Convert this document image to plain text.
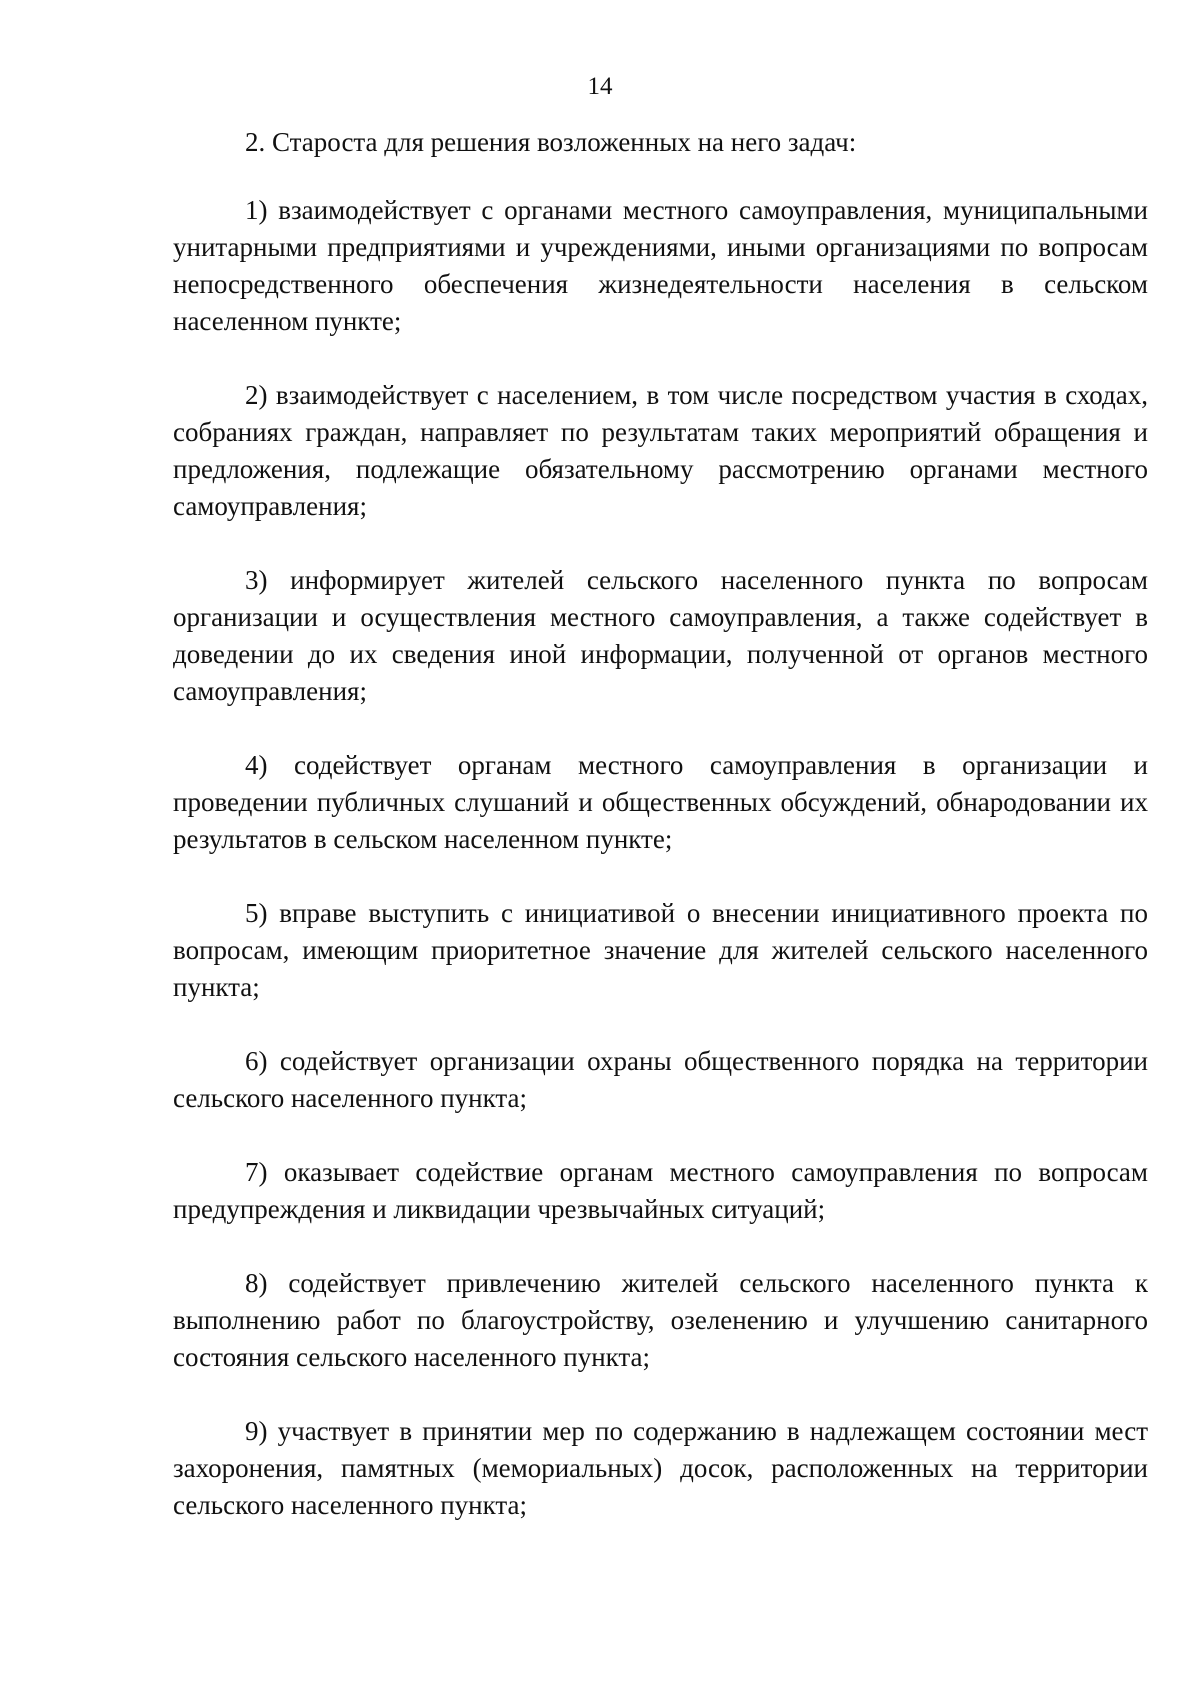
14

2. Староста для решения возложенных на него задач:

1) взаимодействует с органами местного самоуправления, муниципальными унитарными предприятиями и учреждениями, иными организациями по вопросам непосредственного обеспечения жизнедеятельности населения в сельском населенном пункте;

2) взаимодействует с населением, в том числе посредством участия в сходах, собраниях граждан, направляет по результатам таких мероприятий обращения и предложения, подлежащие обязательному рассмотрению органами местного самоуправления;

3) информирует жителей сельского населенного пункта по вопросам организации и осуществления местного самоуправления, а также содействует в доведении до их сведения иной информации, полученной от органов местного самоуправления;

4) содействует органам местного самоуправления в организации и проведении публичных слушаний и общественных обсуждений, обнародовании их результатов в сельском населенном пункте;

5) вправе выступить с инициативой о внесении инициативного проекта по вопросам, имеющим приоритетное значение для жителей сельского населенного пункта;

6) содействует организации охраны общественного порядка на территории сельского населенного пункта;

7) оказывает содействие органам местного самоуправления по вопросам предупреждения и ликвидации чрезвычайных ситуаций;

8) содействует привлечению жителей сельского населенного пункта к выполнению работ по благоустройству, озеленению и улучшению санитарного состояния сельского населенного пункта;

9) участвует в принятии мер по содержанию в надлежащем состоянии мест захоронения, памятных (мемориальных) досок, расположенных на территории сельского населенного пункта;
